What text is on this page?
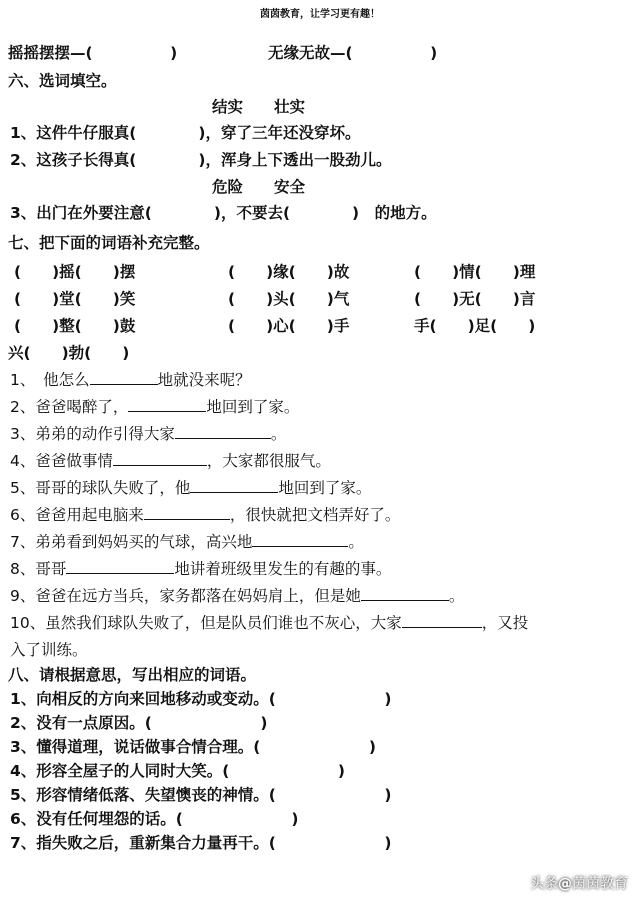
茵茵教育，让学习更有趣！
摇摇摆摆—(　　　　　)	无缘无故—(　　　　　)
六、选词填空。
结实　　壮实
1、这件牛仔服真(　　　　)，穿了三年还没穿坏。
2、这孩子长得真(　　　　)，浑身上下透出一股劲儿。
危险　　安全
3、出门在外要注意(　　　　)，不要去(　　　　)　的地方。
七、把下面的词语补充完整。
(　　)摇(　　)摆	(　　)缘(　　)故	(　　)情(　　)理
(　　)堂(　　)笑	(　　)头(　　)气	(　　)无(　　)言
(　　)整(　　)鼓	(　　)心(　　)手	手(　　)足(　　)
兴(　　)勃(　　)
1、　他怎么	地就没来呢？
2、爸爸喝醉了，	地回到了家。
3、弟弟的动作引得大家	。
4、爸爸做事情	，大家都很服气。
5、哥哥的球队失败了，他	地回到了家。
6、爸爸用起电脑来	，很快就把文档弄好了。
7、弟弟看到妈妈买的气球，高兴地	。
8、哥哥	地讲着班级里发生的有趣的事。
9、爸爸在远方当兵，家务都落在妈妈肩上，但是她	。
10、虽然我们球队失败了，但是队员们谁也不灰心，大家	，又投
入了训练。
八、请根据意思，写出相应的词语。
1、向相反的方向来回地移动或变动。(　　　　　　　)
2、没有一点原因。(　　　　　　　)
3、懂得道理，说话做事合情合理。(　　　　　　　)
4、形容全屋子的人同时大笑。(　　　　　　　)
5、形容情绪低落、失望懊丧的神情。(　　　　　　　)
6、没有任何埋怨的话。(　　　　　　　)
7、指失败之后，重新集合力量再干。(　　　　　　　)
头条@茵茵教育
